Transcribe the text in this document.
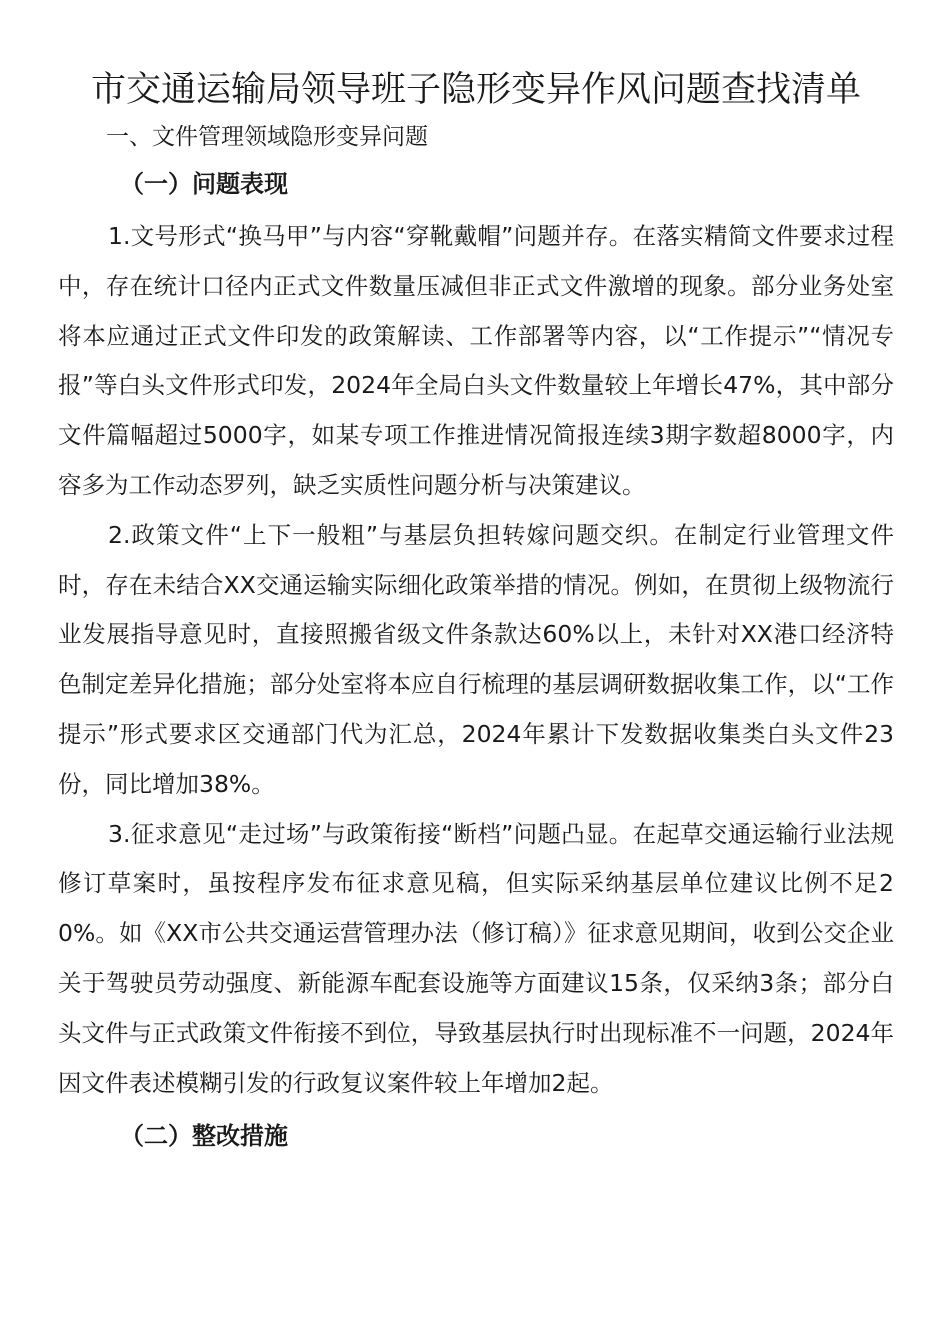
市交通运输局领导班子隐形变异作风问题查找清单
一、文件管理领域隐形变异问题
（一）问题表现

1.文号形式“换马甲”与内容“穿靴戴帽”问题并存。在落实精简文件要求过程中，存在统计口径内正式文件数量压减但非正式文件激增的现象。部分业务处室将本应通过正式文件印发的政策解读、工作部署等内容，以“工作提示”“情况专报”等白头文件形式印发，2024年全局白头文件数量较上年增长47%，其中部分文件篇幅超过5000字，如某专项工作推进情况简报连续3期字数超8000字，内容多为工作动态罗列，缺乏实质性问题分析与决策建议。

2.政策文件“上下一般粗”与基层负担转嫁问题交织。在制定行业管理文件时，存在未结合XX交通运输实际细化政策举措的情况。例如，在贯彻上级物流行业发展指导意见时，直接照搬省级文件条款达60%以上，未针对XX港口经济特色制定差异化措施；部分处室将本应自行梳理的基层调研数据收集工作，以“工作提示”形式要求区交通部门代为汇总，2024年累计下发数据收集类白头文件23份，同比增加38%。

3.征求意见“走过场”与政策衔接“断档”问题凸显。在起草交通运输行业法规修订草案时，虽按程序发布征求意见稿，但实际采纳基层单位建议比例不足20%。如《XX市公共交通运营管理办法（修订稿）》征求意见期间，收到公交企业关于驾驶员劳动强度、新能源车配套设施等方面建议15条，仅采纳3条；部分白头文件与正式政策文件衔接不到位，导致基层执行时出现标准不一问题，2024年因文件表述模糊引发的行政复议案件较上年增加2起。

（二）整改措施
